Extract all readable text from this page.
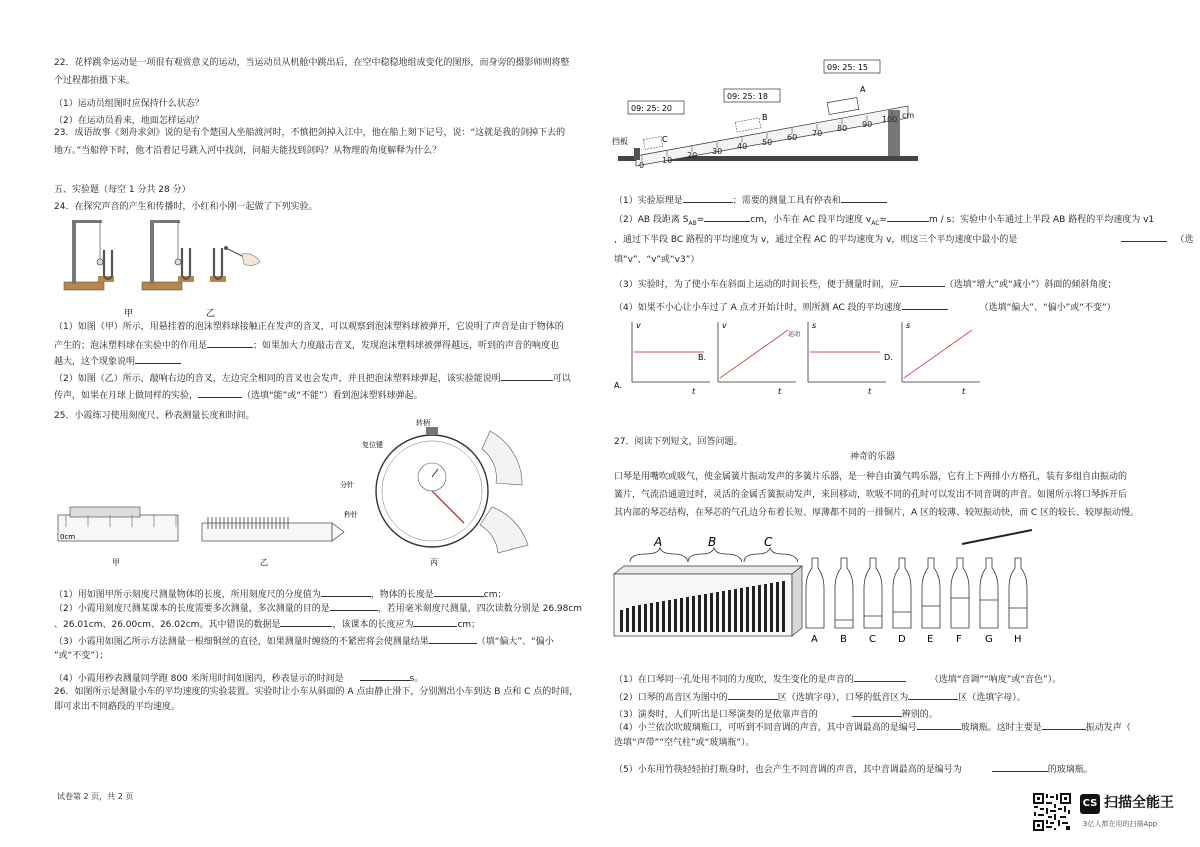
22．花样跳伞运动是一项很有观赏意义的运动，当运动员从机舱中跳出后，在空中稳稳地组成变化的图形，而身旁的摄影师则将整
个过程都拍摄下来。
（1）运动员组图时应保持什么状态？
（2）在运动员看来，地面怎样运动？
23．成语故事《刻舟求剑》说的是有个楚国人坐船渡河时，不慎把剑掉入江中，他在船上刻下记号，说：“这就是我的剑掉下去的
地方。”当船停下时，他才沿着记号跳入河中找剑，问船夫能找到剑吗？从物理的角度解释为什么？
五、实验题（每空 1 分共 28 分）
24．在探究声音的产生和传播时，小红和小刚一起做了下列实验。
甲	乙
（1）如图（甲）所示，用悬挂着的泡沫塑料球接触正在发声的音叉，可以观察到泡沫塑料球被弹开，它说明了声音是由于物体的
产生的；泡沫塑料球在实验中的作用是	；如果加大力度敲击音叉，发现泡沫塑料球被弹得越远，听到的声音的响度也
越大，这个现象说明
（2）如图（乙）所示，敲响右边的音叉，左边完全相同的音叉也会发声，并且把泡沫塑料球弹起，该实验能说明	可以
传声，如果在月球上做同样的实验，	（选填“能”或“不能”）看到泡沫塑料球弹起。
25．小霞练习使用刻度尺、秒表测量长度和时间。
0cm
甲	乙
转柄
复位键
分针
秒针
丙
（1）用如图甲所示刻度尺测量物体的长度，所用刻度尺的分度值为	，物体的长度是	cm；
（2）小霞用刻度尺测某课本的长度需要多次测量，多次测量的目的是	，若用毫米刻度尺测量，四次读数分别是 26.98cm
、26.01cm、26.00cm、26.02cm。其中错误的数据是	，该课本的长度应为	cm；
（3）小霞用如图乙所示方法测量一根细铜丝的直径，如果测量时缠绕的不紧密将会使测量结果	（填“偏大”、“偏小
”或“不变”）；
（4）小霞用秒表测量同学跑 800 米所用时间如图丙，秒表显示的时间是	s。
26．如图所示是测量小车的平均速度的实验装置。实验时让小车从斜面的 A 点由静止滑下，分别测出小车到达 B 点和 C 点的时间，
即可求出不同路段的平均速度。
0
10
20 30
40 50
60 70
80 90
100 cm
挡板
A
B
C
09: 25: 20
09: 25: 18
09: 25: 15
（1）实验原理是	；需要的测量工具有停表和
（2）AB 段距离 $S_{AB}=$	cm，小车在 AC 段平均速度 $v_{AC}=$	m / s；实验中小车通过上半段 AB 路程的平均速度为 v1
，通过下半段 BC 路程的平均速度为 v，通过全程 AC 的平均速度为 v，则这三个平均速度中最小的是	（选
填“v”、“v”或“v3”）
（3）实验时，为了使小车在斜面上运动的时间长些，便于测量时间，应	（选填“增大”或“减小”）斜面的倾斜角度；
（4）如果不小心让小车过了 A 点才开始计时，则所测 AC 段的平均速度	（选填“偏大”、“偏小”或“不变”）
v	v	s	s
t	t	t	t
A.
B.
运动
D.
27．阅读下列短文，回答问题。
神奇的乐器
口琴是用嘴吹或吸气，使金属簧片振动发声的多簧片乐器，是一种自由簧气鸣乐器，它有上下两排小方格孔，装有多组自由振动的
簧片，气流沿通道过时，灵活的金属舌簧振动发声，来回移动，吹吸不同的孔时可以发出不同音调的声音。如图所示将口琴拆开后
其内部的琴芯结构，在琴芯的气孔边分布着长短、厚薄都不同的一排铜片，A 区的较薄、较短振动快，而 C 区的较长、较厚振动慢。
A	B	C
A B C D E F G H
（1）在口琴同一孔处用不同的力度吹，发生变化的是声音的	（选填“音调”“响度”或“音色”）。
（2）口琴的高音区为图中的	区（选填字母），口琴的低音区为	区（选填字母）。
（3）演奏时，人们听出是口琴演奏的是依靠声音的	辨别的。
（4）小兰依次吹玻璃瓶口，可听到不同音调的声音，其中音调最高的是编号	玻璃瓶。这时主要是	振动发声（
选填“声带”“空气柱”或“玻璃瓶”）。
（5）小东用竹筷轻轻拍打瓶身时，也会产生不同音调的声音，其中音调最高的是编号为	的玻璃瓶。
试卷第 2 页，共 2 页
CS 扫描全能王
3亿人都在用的扫描App
